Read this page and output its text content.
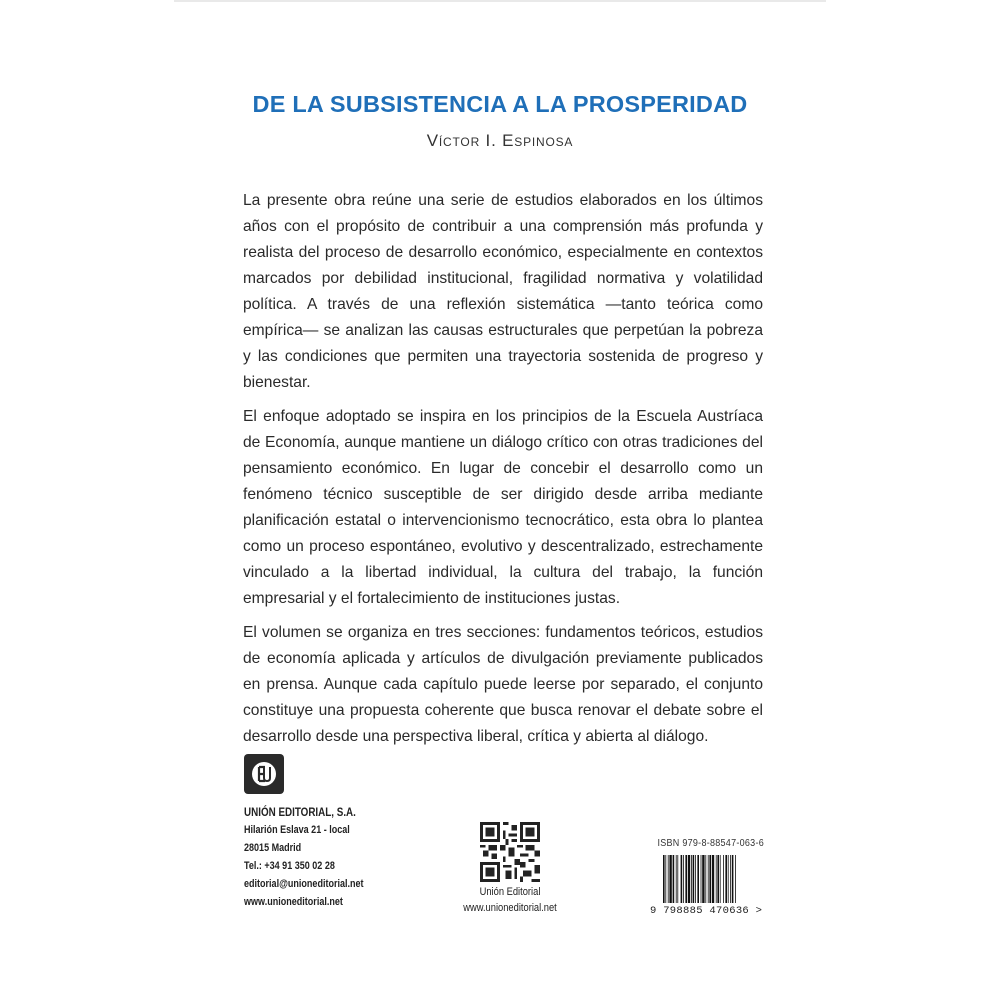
DE LA SUBSISTENCIA A LA PROSPERIDAD
Víctor I. Espinosa

La presente obra reúne una serie de estudios elaborados en los últimos años con el propósito de contribuir a una comprensión más profunda y realista del proceso de desarrollo económico, especialmente en contextos marcados por debilidad institucional, fragilidad normativa y volatilidad política. A través de una reflexión sistemática —tanto teórica como empírica— se analizan las causas estructurales que perpetúan la pobreza y las condiciones que permiten una trayectoria sostenida de progreso y bienestar.

El enfoque adoptado se inspira en los principios de la Escuela Austríaca de Economía, aunque mantiene un diálogo crítico con otras tradiciones del pensamiento económico. En lugar de concebir el desarrollo como un fenómeno técnico susceptible de ser dirigido desde arriba mediante planificación estatal o intervencionismo tecnocrático, esta obra lo plantea como un proceso espontáneo, evolutivo y descentralizado, estrechamente vinculado a la libertad individual, la cultura del trabajo, la función empresarial y el fortalecimiento de instituciones justas.

El volumen se organiza en tres secciones: fundamentos teóricos, estudios de economía aplicada y artículos de divulgación previamente publicados en prensa. Aunque cada capítulo puede leerse por separado, el conjunto constituye una propuesta coherente que busca renovar el debate sobre el desarrollo desde una perspectiva liberal, crítica y abierta al diálogo.

UNIÓN EDITORIAL, S.A.
Hilarión Eslava 21 - local
28015 Madrid
Tel.: +34 91 350 02 28
editorial@unioneditorial.net
www.unioneditorial.net
Unión Editorial
www.unioneditorial.net
ISBN 979-8-88547-063-6
9 798885 470636 >
